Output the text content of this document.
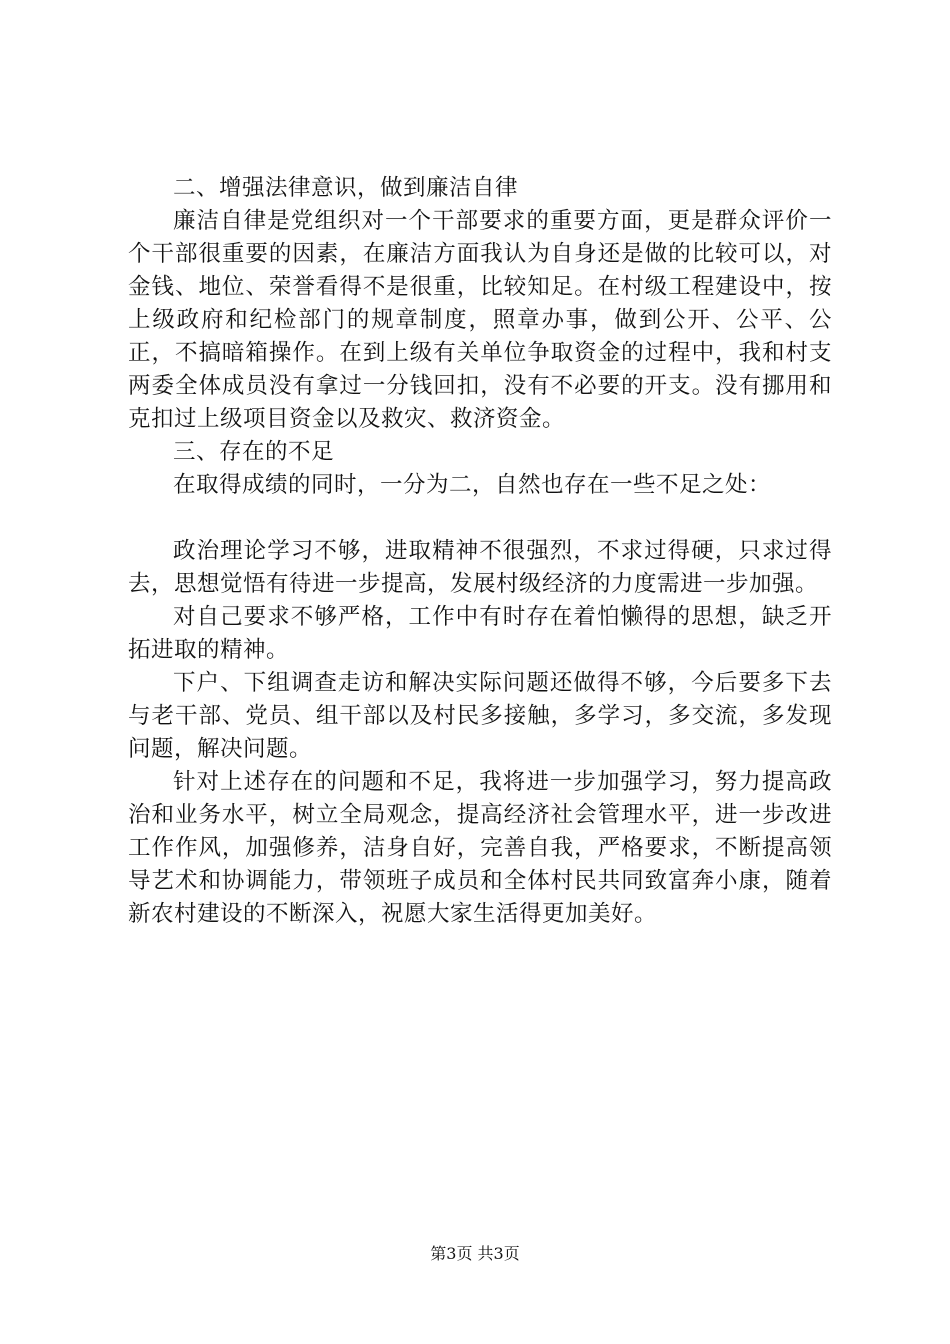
二、增强法律意识，做到廉洁自律

廉洁自律是党组织对一个干部要求的重要方面，更是群众评价一个干部很重要的因素，在廉洁方面我认为自身还是做的比较可以，对金钱、地位、荣誉看得不是很重，比较知足。在村级工程建设中，按上级政府和纪检部门的规章制度，照章办事，做到公开、公平、公正，不搞暗箱操作。在到上级有关单位争取资金的过程中，我和村支两委全体成员没有拿过一分钱回扣，没有不必要的开支。没有挪用和克扣过上级项目资金以及救灾、救济资金。

三、存在的不足

在取得成绩的同时，一分为二，自然也存在一些不足之处：

政治理论学习不够，进取精神不很强烈，不求过得硬，只求过得去，思想觉悟有待进一步提高，发展村级经济的力度需进一步加强。

对自己要求不够严格，工作中有时存在着怕懒得的思想，缺乏开拓进取的精神。

下户、下组调查走访和解决实际问题还做得不够，今后要多下去与老干部、党员、组干部以及村民多接触，多学习，多交流，多发现问题，解决问题。

针对上述存在的问题和不足，我将进一步加强学习，努力提高政治和业务水平，树立全局观念，提高经济社会管理水平，进一步改进工作作风，加强修养，洁身自好，完善自我，严格要求，不断提高领导艺术和协调能力，带领班子成员和全体村民共同致富奔小康，随着新农村建设的不断深入，祝愿大家生活得更加美好。

第3页 共3页
